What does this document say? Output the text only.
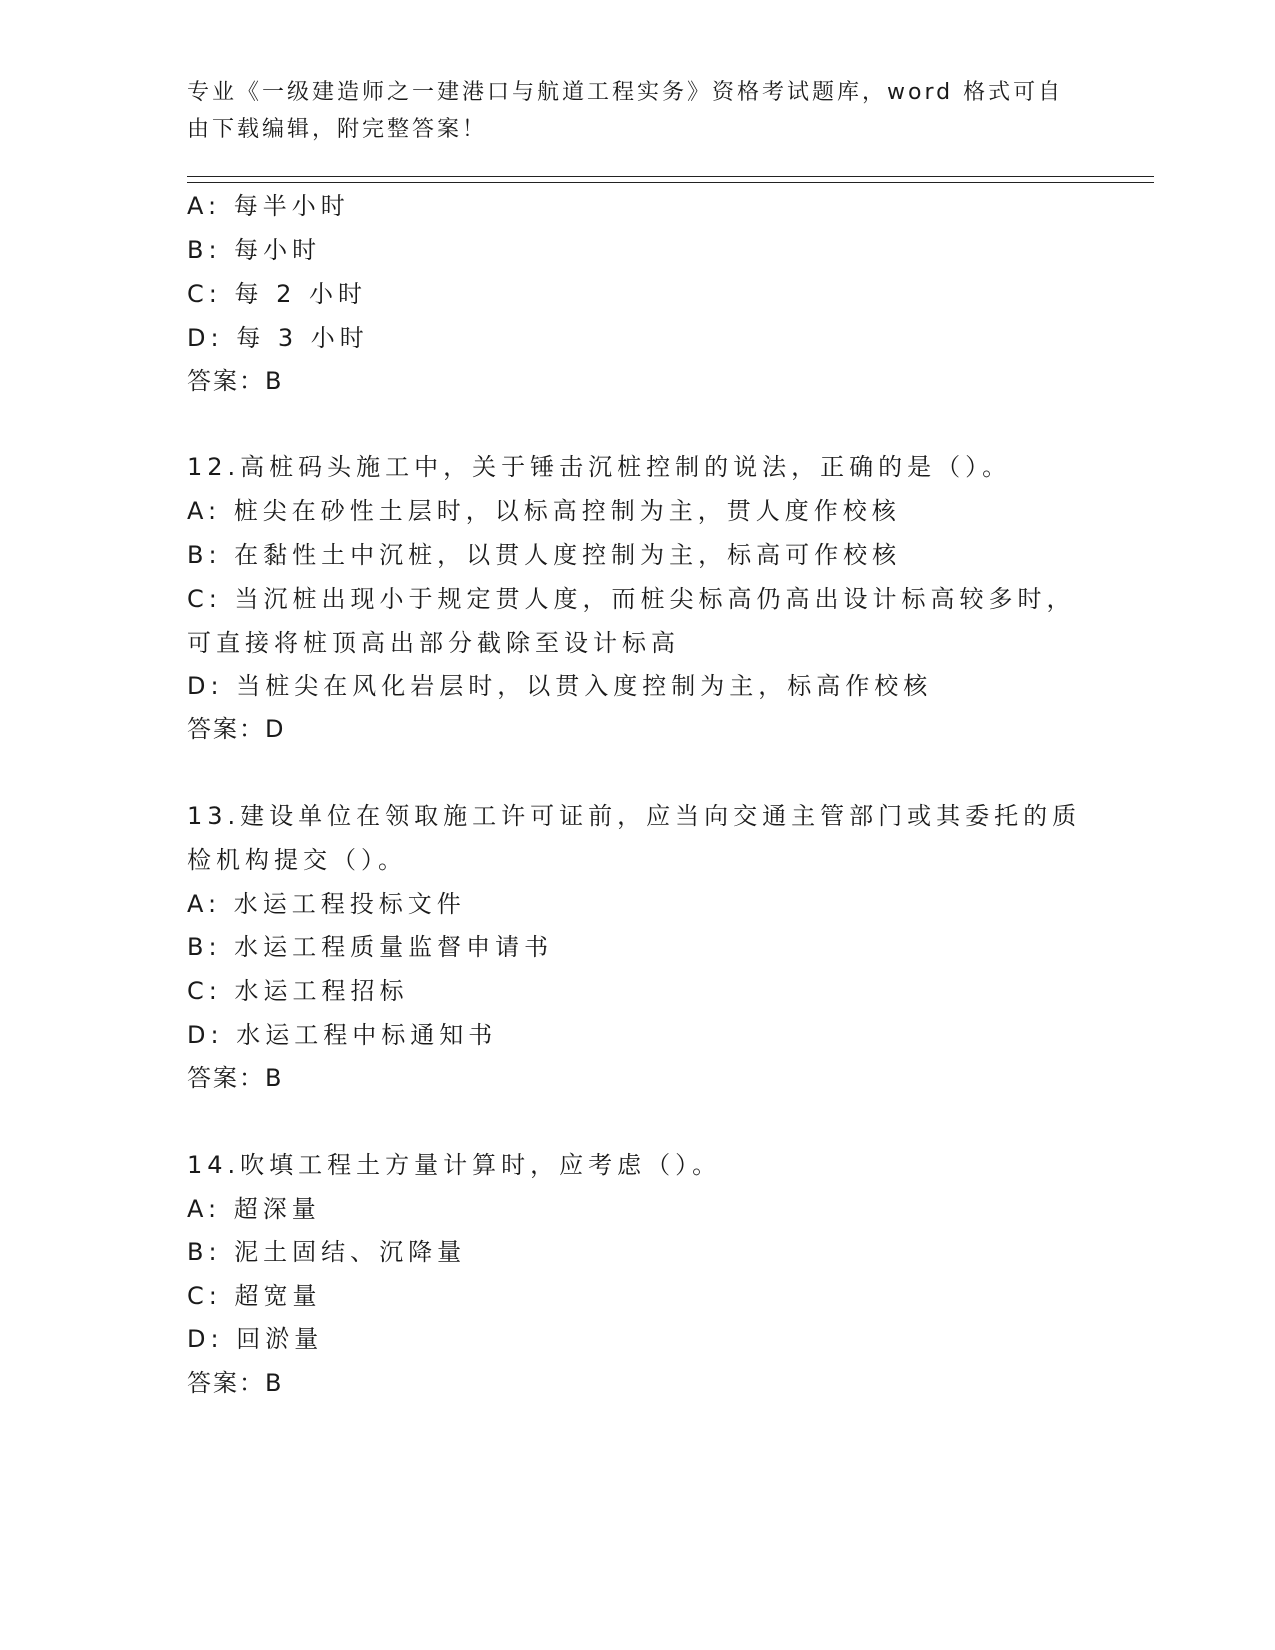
专业《一级建造师之一建港口与航道工程实务》资格考试题库，word 格式可自由下载编辑，附完整答案！
A: 每半小时
B: 每小时
C: 每 2 小时
D: 每 3 小时
答案：B
12.高桩码头施工中，关于锤击沉桩控制的说法，正确的是（）。
A: 桩尖在砂性土层时，以标高控制为主，贯人度作校核
B: 在黏性土中沉桩，以贯人度控制为主，标高可作校核
C: 当沉桩出现小于规定贯人度，而桩尖标高仍高出设计标高较多时，
可直接将桩顶高出部分截除至设计标高
D: 当桩尖在风化岩层时，以贯入度控制为主，标高作校核
答案：D
13.建设单位在领取施工许可证前，应当向交通主管部门或其委托的质
检机构提交（）。
A: 水运工程投标文件
B: 水运工程质量监督申请书
C: 水运工程招标
D: 水运工程中标通知书
答案：B
14.吹填工程土方量计算时，应考虑（）。
A: 超深量
B: 泥土固结、沉降量
C: 超宽量
D: 回淤量
答案：B
